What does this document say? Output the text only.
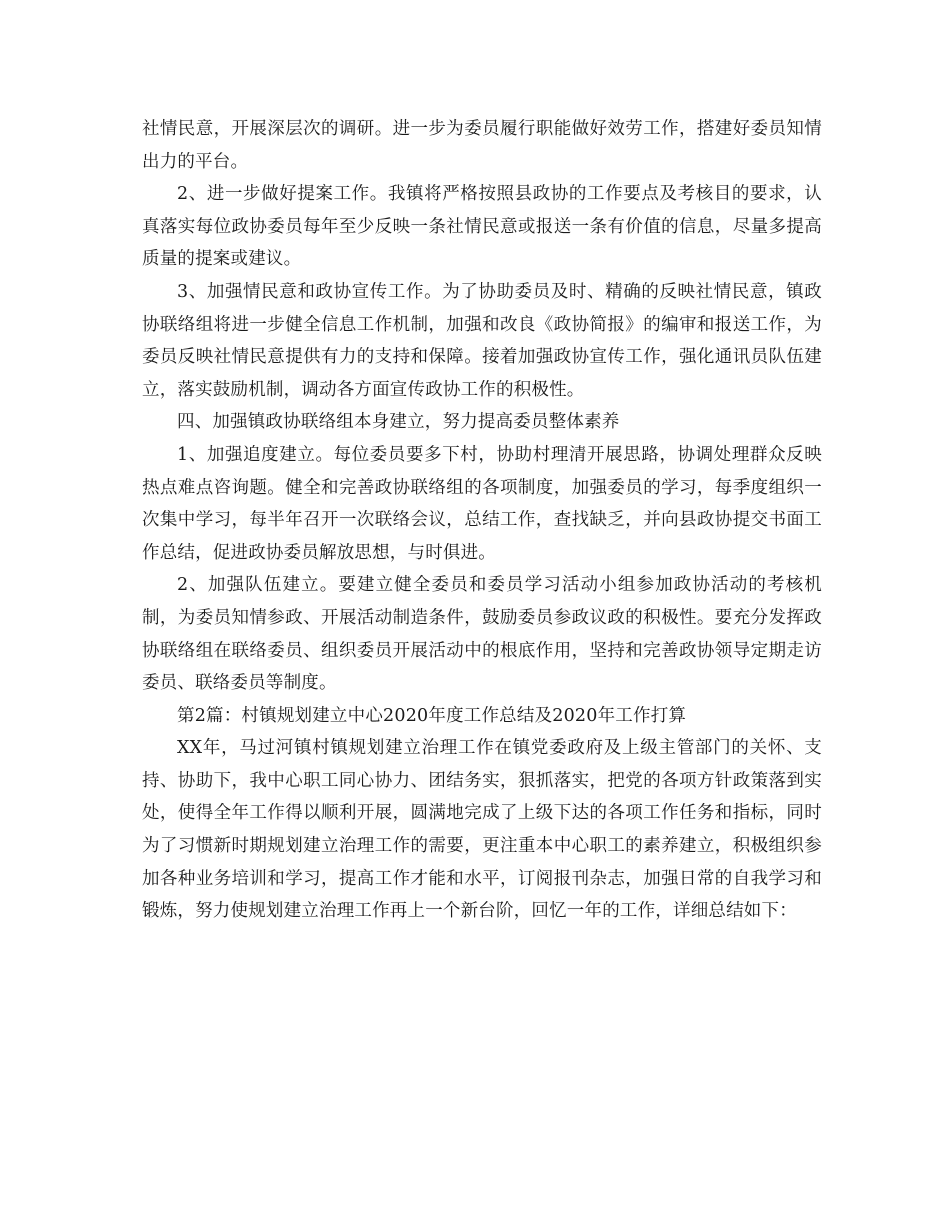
社情民意，开展深层次的调研。进一步为委员履行职能做好效劳工作，搭建好委员知情出力的平台。

2、进一步做好提案工作。我镇将严格按照县政协的工作要点及考核目的要求，认真落实每位政协委员每年至少反映一条社情民意或报送一条有价值的信息，尽量多提高质量的提案或建议。

3、加强情民意和政协宣传工作。为了协助委员及时、精确的反映社情民意，镇政协联络组将进一步健全信息工作机制，加强和改良《政协简报》的编审和报送工作，为委员反映社情民意提供有力的支持和保障。接着加强政协宣传工作，强化通讯员队伍建立，落实鼓励机制，调动各方面宣传政协工作的积极性。

四、加强镇政协联络组本身建立，努力提高委员整体素养

1、加强追度建立。每位委员要多下村，协助村理清开展思路，协调处理群众反映热点难点咨询题。健全和完善政协联络组的各项制度，加强委员的学习，每季度组织一次集中学习，每半年召开一次联络会议，总结工作，查找缺乏，并向县政协提交书面工作总结，促进政协委员解放思想，与时俱进。

2、加强队伍建立。要建立健全委员和委员学习活动小组参加政协活动的考核机制，为委员知情参政、开展活动制造条件，鼓励委员参政议政的积极性。要充分发挥政协联络组在联络委员、组织委员开展活动中的根底作用，坚持和完善政协领导定期走访委员、联络委员等制度。

第2篇：村镇规划建立中心2020年度工作总结及2020年工作打算

XX年，马过河镇村镇规划建立治理工作在镇党委政府及上级主管部门的关怀、支持、协助下，我中心职工同心协力、团结务实，狠抓落实，把党的各项方针政策落到实处，使得全年工作得以顺利开展，圆满地完成了上级下达的各项工作任务和指标，同时为了习惯新时期规划建立治理工作的需要，更注重本中心职工的素养建立，积极组织参加各种业务培训和学习，提高工作才能和水平，订阅报刊杂志，加强日常的自我学习和锻炼，努力使规划建立治理工作再上一个新台阶，回忆一年的工作，详细总结如下：
